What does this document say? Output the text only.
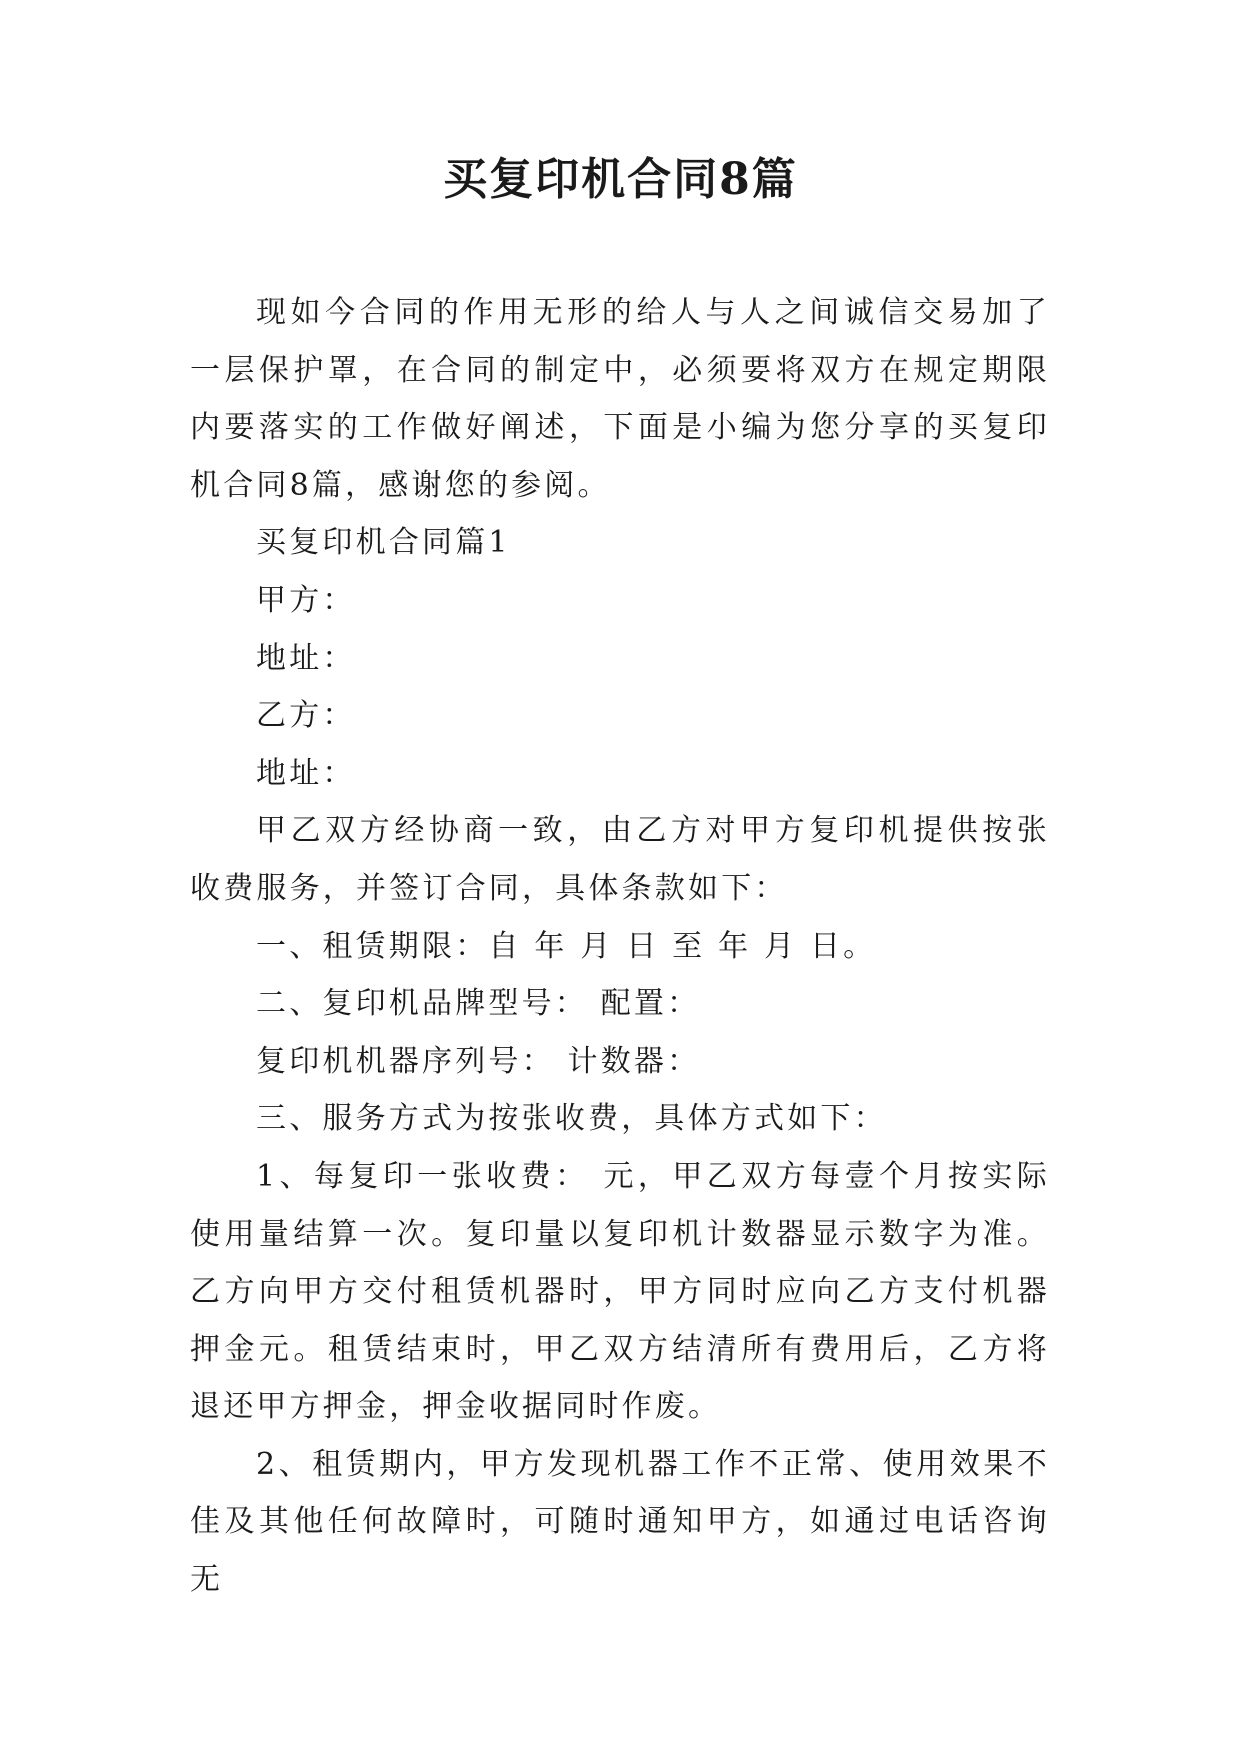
买复印机合同8篇

现如今合同的作用无形的给人与人之间诚信交易加了一层保护罩，在合同的制定中，必须要将双方在规定期限内要落实的工作做好阐述，下面是小编为您分享的买复印机合同8篇，感谢您的参阅。

买复印机合同篇1

甲方：

地址：

乙方：

地址：

甲乙双方经协商一致，由乙方对甲方复印机提供按张收费服务，并签订合同，具体条款如下：

一、租赁期限：自 年 月 日 至 年 月 日。

二、复印机品牌型号： 配置：

复印机机器序列号： 计数器：

三、服务方式为按张收费，具体方式如下：

1、每复印一张收费： 元，甲乙双方每壹个月按实际使用量结算一次。复印量以复印机计数器显示数字为准。乙方向甲方交付租赁机器时，甲方同时应向乙方支付机器押金元。租赁结束时，甲乙双方结清所有费用后，乙方将退还甲方押金，押金收据同时作废。

2、租赁期内，甲方发现机器工作不正常、使用效果不佳及其他任何故障时，可随时通知甲方，如通过电话咨询无
